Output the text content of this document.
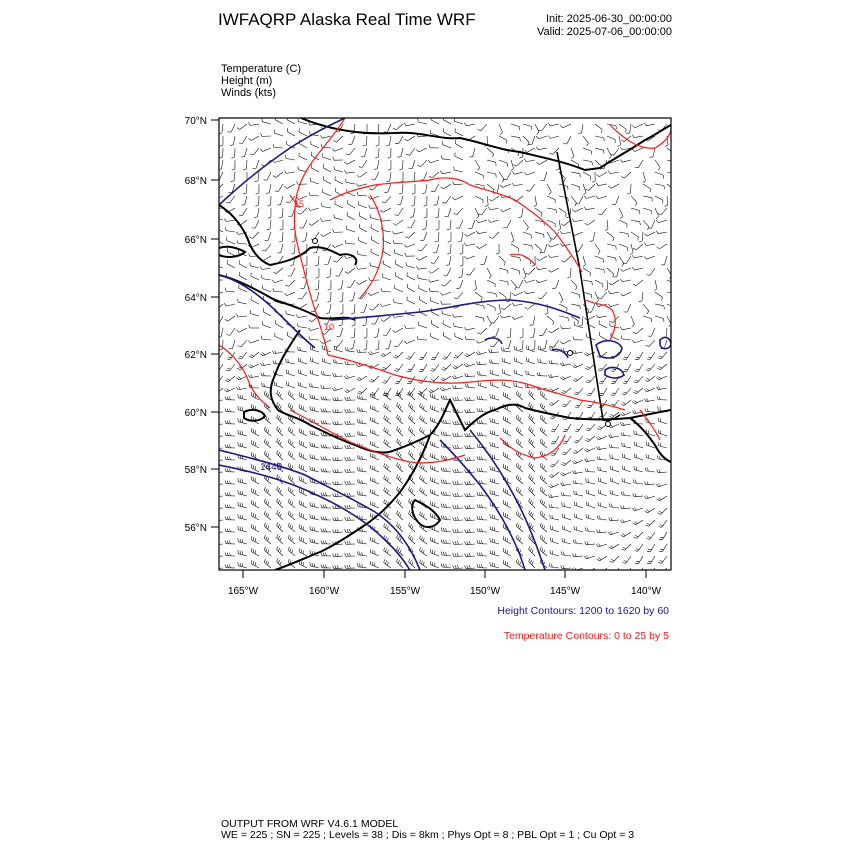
IWFAQRP Alaska Real Time WRF	Init: 2025-06-30_00:00:00
Valid: 2025-07-06_00:00:00
Temperature (C)
Height (m)
Winds (kts)
1440
15
10
70°N
68°N
66°N
64°N
62°N
60°N
58°N
56°N
165°W	160°W	155°W	150°W	145°W	140°W
Height Contours: 1200 to 1620 by 60
Temperature Contours: 0 to 25 by 5
OUTPUT FROM WRF V4.6.1 MODEL
WE = 225 ; SN = 225 ; Levels = 38 ; Dis = 8km ; Phys Opt = 8 ; PBL Opt = 1 ; Cu Opt = 3
